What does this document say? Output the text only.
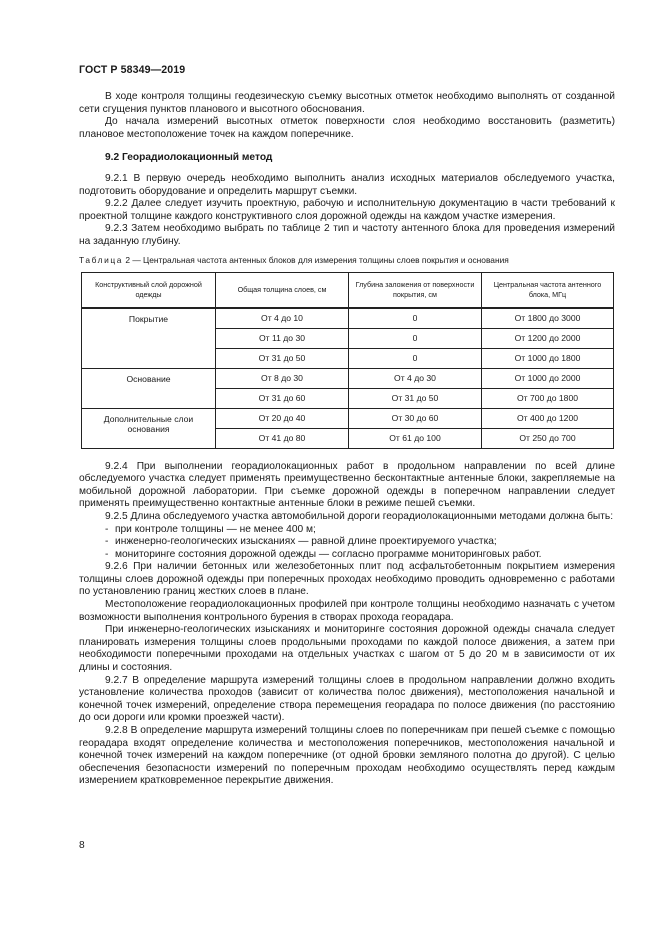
ГОСТ Р 58349—2019

В ходе контроля толщины геодезическую съемку высотных отметок необходимо выполнять от созданной сети сгущения пунктов планового и высотного обоснования.

До начала измерений высотных отметок поверхности слоя необходимо восстановить (разметить) плановое местоположение точек на каждом поперечнике.

9.2 Георадиолокационный метод

9.2.1 В первую очередь необходимо выполнить анализ исходных материалов обследуемого участка, подготовить оборудование и определить маршрут съемки.

9.2.2 Далее следует изучить проектную, рабочую и исполнительную документацию в части требований к проектной толщине каждого конструктивного слоя дорожной одежды на каждом участке измерения.

9.2.3 Затем необходимо выбрать по таблице 2 тип и частоту антенного блока для проведения измерений на заданную глубину.

Таблица 2 — Центральная частота антенных блоков для измерения толщины слоев покрытия и основания
Конструктивный слой дорожной одежды	Общая толщина слоев, см	Глубина заложения от поверхности покрытия, см	Центральная частота антенного блока, МГц
Покрытие	От 4 до 10	0	От 1800 до 3000
	От 11 до 30	0	От 1200 до 2000
	От 31 до 50	0	От 1000 до 1800
Основание	От 8 до 30	От 4 до 30	От 1000 до 2000
	От 31 до 60	От 31 до 50	От 700 до 1800
Дополнительные слои основания	От 20 до 40	От 30 до 60	От 400 до 1200
	От 41 до 80	От 61 до 100	От 250 до 700

9.2.4 При выполнении георадиолокационных работ в продольном направлении по всей длине обследуемого участка следует применять преимущественно бесконтактные антенные блоки, закрепляемые на мобильной дорожной лаборатории. При съемке дорожной одежды в поперечном направлении следует применять преимущественно контактные антенные блоки в режиме пешей съемки.

9.2.5 Длина обследуемого участка автомобильной дороги георадиолокационными методами должна быть:

- при контроле толщины — не менее 400 м;

- инженерно-геологических изысканиях — равной длине проектируемого участка;

- мониторинге состояния дорожной одежды — согласно программе мониторинговых работ.

9.2.6 При наличии бетонных или железобетонных плит под асфальтобетонным покрытием измерения толщины слоев дорожной одежды при поперечных проходах необходимо проводить одновременно с работами по установлению границ жестких слоев в плане.

Местоположение георадиолокационных профилей при контроле толщины необходимо назначать с учетом возможности выполнения контрольного бурения в створах прохода георадара.

При инженерно-геологических изысканиях и мониторинге состояния дорожной одежды сначала следует планировать измерения толщины слоев продольными проходами по каждой полосе движения, а затем при необходимости поперечными проходами на отдельных участках с шагом от 5 до 20 м в зависимости от их длины и состояния.

9.2.7 В определение маршрута измерений толщины слоев в продольном направлении должно входить установление количества проходов (зависит от количества полос движения), местоположения начальной и конечной точек измерений, определение створа перемещения георадара по полосе движения (по расстоянию до оси дороги или кромки проезжей части).

9.2.8 В определение маршрута измерений толщины слоев по поперечникам при пешей съемке с помощью георадара входят определение количества и местоположения поперечников, местоположения начальной и конечной точек измерений на каждом поперечнике (от одной бровки земляного полотна до другой). С целью обеспечения безопасности измерений по поперечным проходам необходимо осуществлять перед каждым измерением кратковременное перекрытие движения.

8
